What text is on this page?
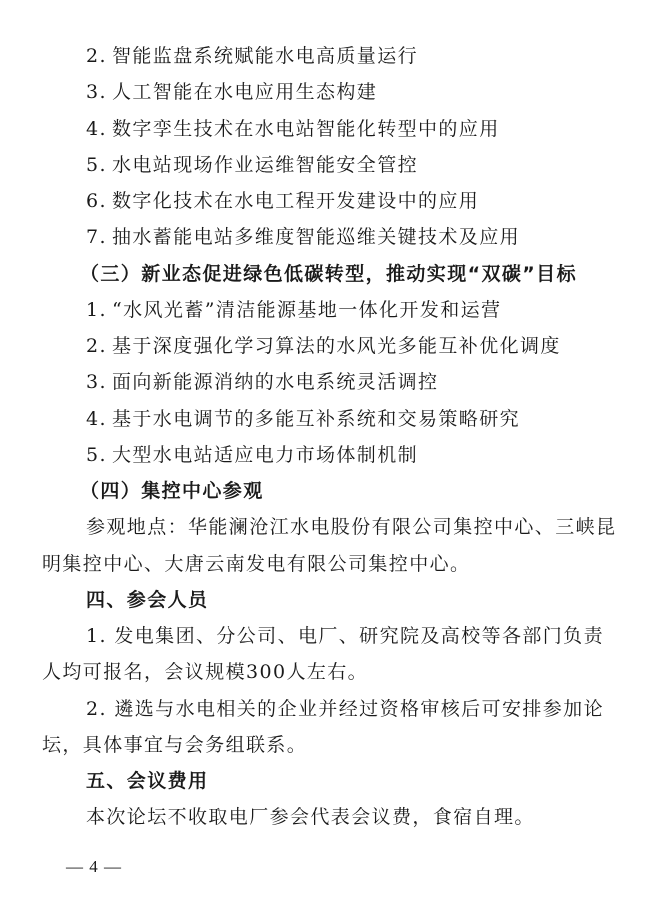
2. 智能监盘系统赋能水电高质量运行
3. 人工智能在水电应用生态构建
4. 数字孪生技术在水电站智能化转型中的应用
5. 水电站现场作业运维智能安全管控
6. 数字化技术在水电工程开发建设中的应用
7. 抽水蓄能电站多维度智能巡维关键技术及应用
（三）新业态促进绿色低碳转型，推动实现“双碳”目标
1. “水风光蓄”清洁能源基地一体化开发和运营
2. 基于深度强化学习算法的水风光多能互补优化调度
3. 面向新能源消纳的水电系统灵活调控
4. 基于水电调节的多能互补系统和交易策略研究
5. 大型水电站适应电力市场体制机制
（四）集控中心参观
参观地点：华能澜沧江水电股份有限公司集控中心、三峡昆
明集控中心、大唐云南发电有限公司集控中心。
四、参会人员
1. 发电集团、分公司、电厂、研究院及高校等各部门负责
人均可报名，会议规模300人左右。
2. 遴选与水电相关的企业并经过资格审核后可安排参加论
坛，具体事宜与会务组联系。
五、会议费用
本次论坛不收取电厂参会代表会议费，食宿自理。
— 4 —
